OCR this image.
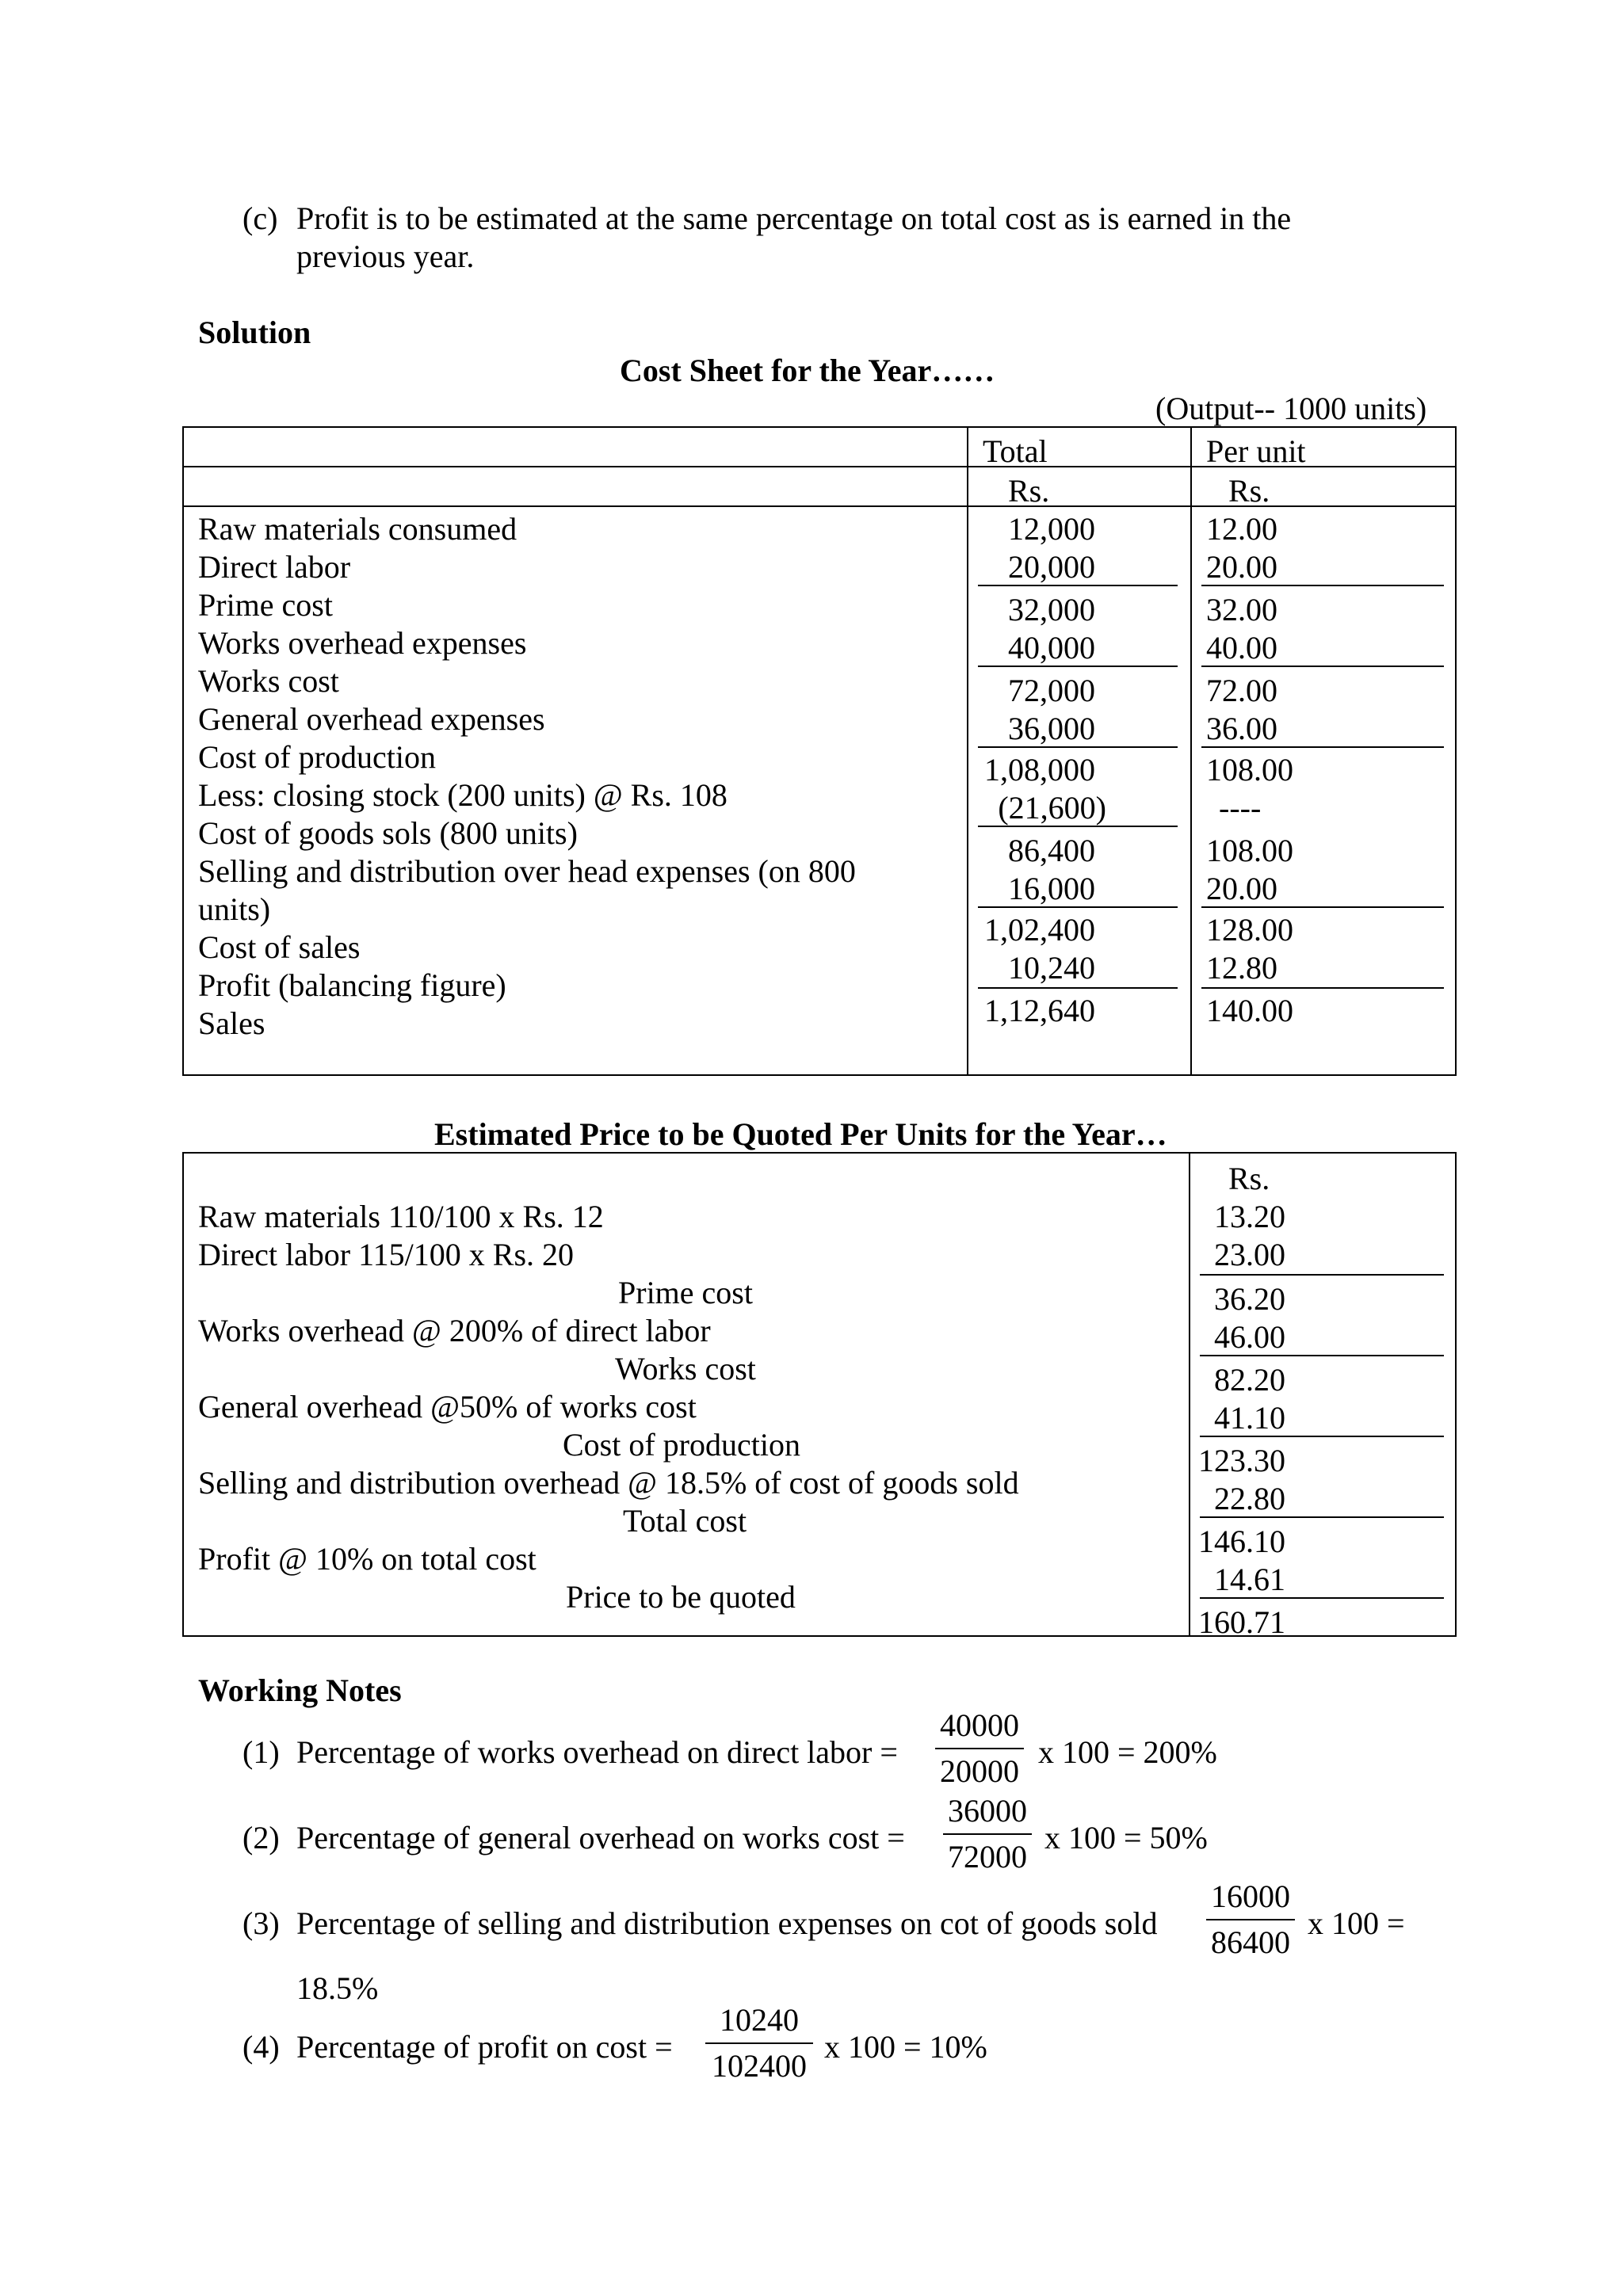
(c) Profit is to be estimated at the same percentage on total cost as is earned in the
previous year.
Solution
Cost Sheet for the Year……
(Output-- 1000 units)
Total	Per unit
Rs.	Rs.
Raw materials consumed
Direct labor
Prime cost
Works overhead expenses
Works cost
General overhead expenses
Cost of production
Less: closing stock (200 units) @ Rs. 108
Cost of goods sols (800 units)
Selling and distribution over head expenses (on 800
units)
Cost of sales
Profit (balancing figure)
Sales
12,000
20,000
32,000
40,000
72,000
36,000
1,08,000
(21,600)
86,400
16,000
1,02,400
10,240
1,12,640
12.00
20.00
32.00
40.00
72.00
36.00
108.00
----
108.00
20.00
128.00
12.80
140.00
Estimated Price to be Quoted Per Units for the Year…
Rs.
Raw materials 110/100 x Rs. 12
Direct labor 115/100 x Rs. 20
Prime cost
Works overhead @ 200% of direct labor
Works cost
General overhead @50% of works cost
Cost of production
Selling and distribution overhead @ 18.5% of cost of goods sold
Total cost
Profit @ 10% on total cost
Price to be quoted
13.20
23.00
36.20
46.00
82.20
41.10
123.30
22.80
146.10
14.61
160.71
Working Notes
(1) Percentage of works overhead on direct labor =
40000
20000
x 100 = 200%
(2) Percentage of general overhead on works cost =
36000
72000
x 100 = 50%
(3) Percentage of selling and distribution expenses on cot of goods sold
16000
86400
x 100 =
18.5%
(4) Percentage of profit on cost =
10240
102400
x 100 = 10%
